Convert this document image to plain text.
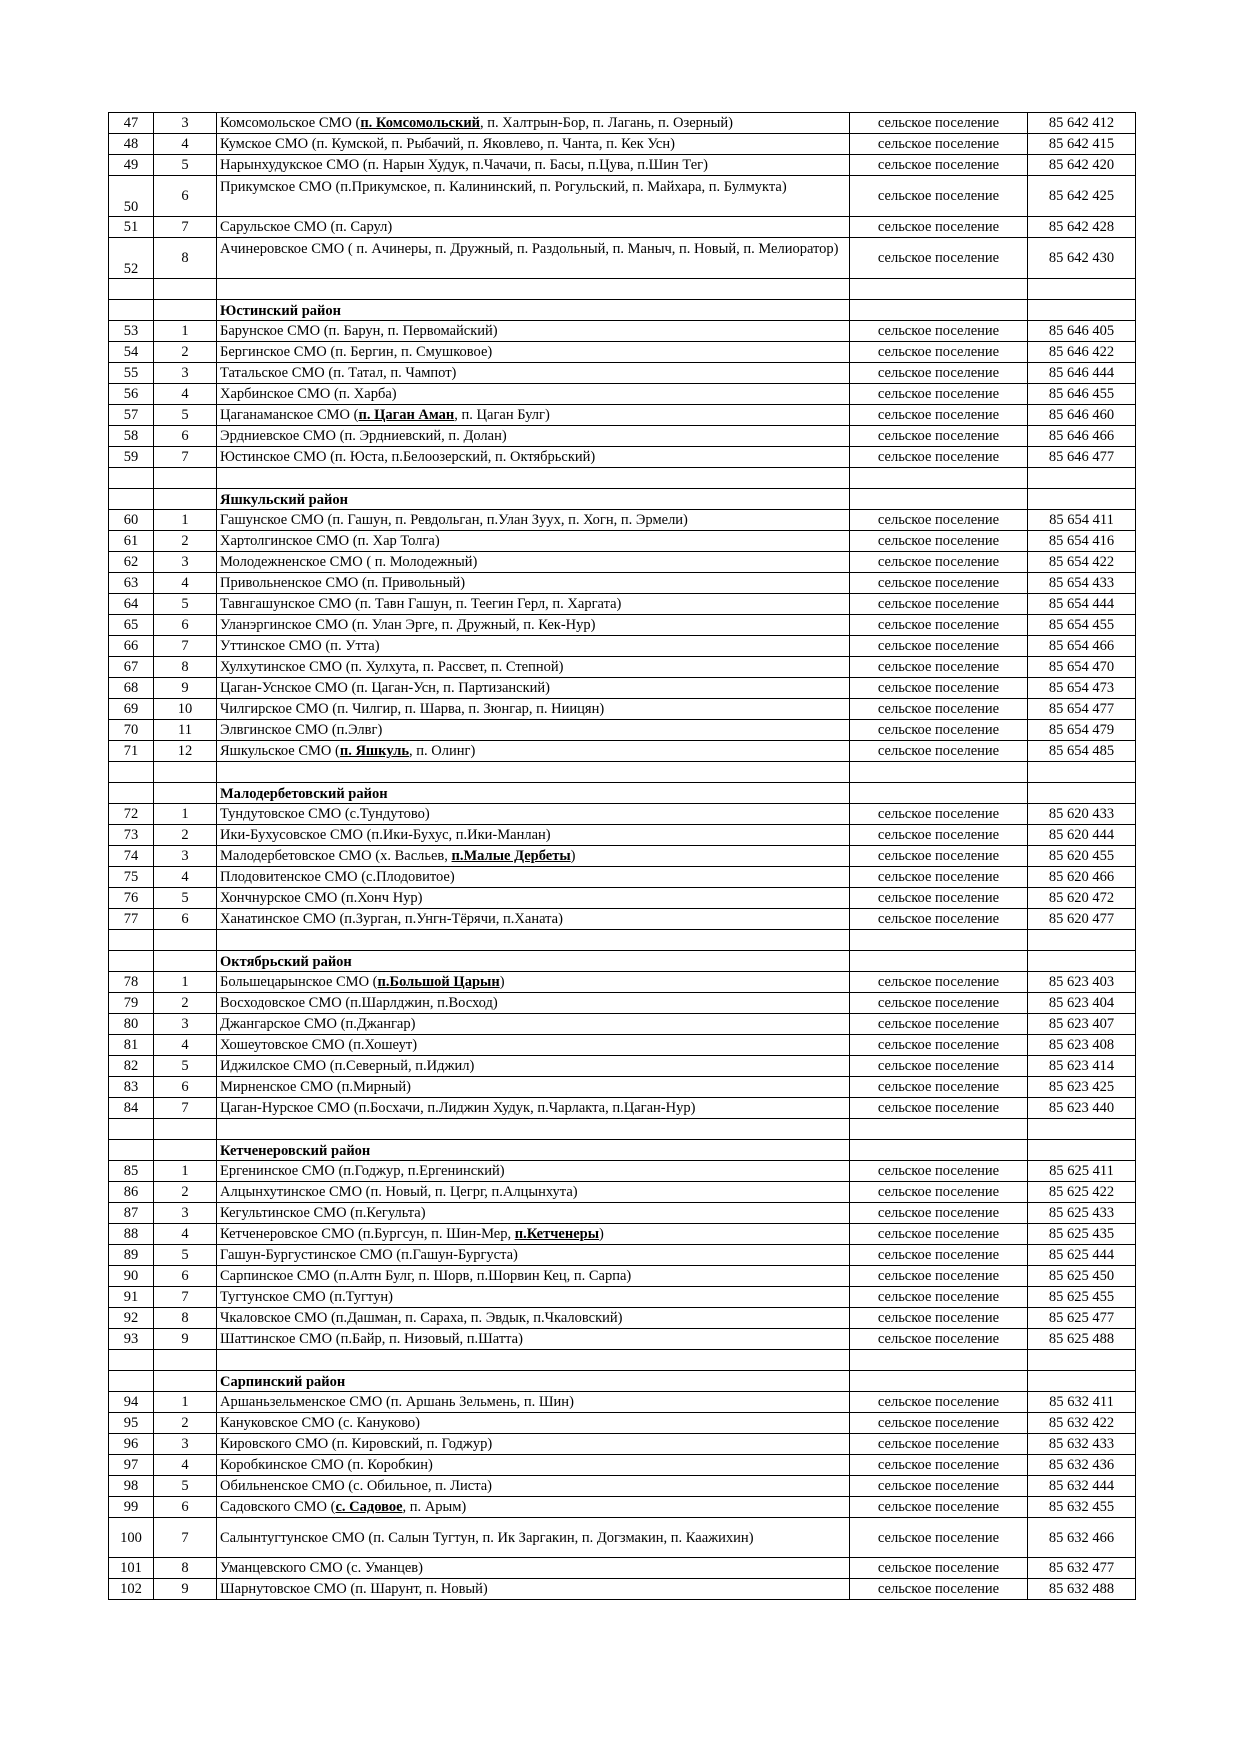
47	3	Комсомольское СМО (п. Комсомольский, п. Халтрын-Бор, п. Лагань, п. Озерный)	сельское поселение	85 642 412
48	4	Кумское СМО (п. Кумской, п. Рыбачий, п. Яковлево, п. Чанта, п. Кек Усн)	сельское поселение	85 642 415
49	5	Нарынхудукское СМО (п. Нарын Худук, п.Чачачи, п. Басы, п.Цува, п.Шин Тег)	сельское поселение	85 642 420
50	6	Прикумское СМО (п.Прикумское, п. Калининский, п. Рогульский, п. Майхара, п. Булмукта)	сельское поселение	85 642 425
51	7	Сарульское СМО (п. Сарул)	сельское поселение	85 642 428
52	8	Ачинеровское СМО ( п. Ачинеры, п. Дружный, п. Раздольный, п. Маныч, п. Новый, п. Мелиоратор)	сельское поселение	85 642 430

		Юстинский район		
53	1	Барунское СМО (п. Барун, п. Первомайский)	сельское поселение	85 646 405
54	2	Бергинское СМО (п. Бергин, п. Смушковое)	сельское поселение	85 646 422
55	3	Татальское СМО (п. Татал, п. Чампот)	сельское поселение	85 646 444
56	4	Харбинское СМО (п. Харба)	сельское поселение	85 646 455
57	5	Цаганаманское СМО (п. Цаган Аман, п. Цаган Булг)	сельское поселение	85 646 460
58	6	Эрдниевское СМО (п. Эрдниевский, п. Долан)	сельское поселение	85 646 466
59	7	Юстинское СМО (п. Юста, п.Белоозерский, п. Октябрьский)	сельское поселение	85 646 477

		Яшкульский район		
60	1	Гашунское СМО (п. Гашун, п. Ревдольган, п.Улан Зуух, п. Хогн, п. Эрмели)	сельское поселение	85 654 411
61	2	Хартолгинское СМО (п. Хар Толга)	сельское поселение	85 654 416
62	3	Молодежненское СМО ( п. Молодежный)	сельское поселение	85 654 422
63	4	Привольненское СМО (п. Привольный)	сельское поселение	85 654 433
64	5	Тавнгашунское СМО (п. Тавн Гашун, п. Теегин Герл, п. Харгата)	сельское поселение	85 654 444
65	6	Уланэргинское СМО (п. Улан Эрге, п. Дружный, п. Кек-Нур)	сельское поселение	85 654 455
66	7	Уттинское СМО (п. Утта)	сельское поселение	85 654 466
67	8	Хулхутинское СМО (п. Хулхута, п. Рассвет, п. Степной)	сельское поселение	85 654 470
68	9	Цаган-Уснское СМО (п. Цаган-Усн, п. Партизанский)	сельское поселение	85 654 473
69	10	Чилгирское СМО (п. Чилгир, п. Шарва, п. Зюнгар, п. Ниицян)	сельское поселение	85 654 477
70	11	Элвгинское СМО (п.Элвг)	сельское поселение	85 654 479
71	12	Яшкульское СМО (п. Яшкуль, п. Олинг)	сельское поселение	85 654 485

		Малодербетовский район		
72	1	Тундутовское СМО (с.Тундутово)	сельское поселение	85 620 433
73	2	Ики-Бухусовское СМО (п.Ики-Бухус, п.Ики-Манлан)	сельское поселение	85 620 444
74	3	Малодербетовское СМО (х. Васльев, п.Малые Дербеты)	сельское поселение	85 620 455
75	4	Плодовитенское СМО (с.Плодовитое)	сельское поселение	85 620 466
76	5	Хончнурское СМО (п.Хонч Нур)	сельское поселение	85 620 472
77	6	Ханатинское СМО (п.Зурган, п.Унгн-Тёрячи, п.Ханата)	сельское поселение	85 620 477

		Октябрьский район		
78	1	Большецарынское СМО (п.Большой Царын)	сельское поселение	85 623 403
79	2	Восходовское СМО (п.Шарлджин, п.Восход)	сельское поселение	85 623 404
80	3	Джангарское СМО (п.Джангар)	сельское поселение	85 623 407
81	4	Хошеутовское СМО (п.Хошеут)	сельское поселение	85 623 408
82	5	Иджилское СМО (п.Северный, п.Иджил)	сельское поселение	85 623 414
83	6	Мирненское СМО (п.Мирный)	сельское поселение	85 623 425
84	7	Цаган-Нурское СМО (п.Босхачи, п.Лиджин Худук, п.Чарлакта, п.Цаган-Нур)	сельское поселение	85 623 440

		Кетченеровский район		
85	1	Ергенинское СМО (п.Годжур, п.Ергенинский)	сельское поселение	85 625 411
86	2	Алцынхутинское СМО (п. Новый, п. Цегрг, п.Алцынхута)	сельское поселение	85 625 422
87	3	Кегультинское СМО (п.Кегульта)	сельское поселение	85 625 433
88	4	Кетченеровское СМО (п.Бургсун, п. Шин-Мер, п.Кетченеры)	сельское поселение	85 625 435
89	5	Гашун-Бургустинское СМО (п.Гашун-Бургуста)	сельское поселение	85 625 444
90	6	Сарпинское СМО (п.Алтн Булг, п. Шорв, п.Шорвин Кец, п. Сарпа)	сельское поселение	85 625 450
91	7	Тугтунское СМО (п.Тугтун)	сельское поселение	85 625 455
92	8	Чкаловское СМО (п.Дашман, п. Сараха, п. Эвдык, п.Чкаловский)	сельское поселение	85 625 477
93	9	Шаттинское СМО (п.Байр, п. Низовый, п.Шатта)	сельское поселение	85 625 488

		Сарпинский район		
94	1	Аршаньзельменское СМО (п. Аршань Зельмень, п. Шин)	сельское поселение	85 632 411
95	2	Кануковское СМО (с. Кануково)	сельское поселение	85 632 422
96	3	Кировского СМО (п. Кировский, п. Годжур)	сельское поселение	85 632 433
97	4	Коробкинское СМО (п. Коробкин)	сельское поселение	85 632 436
98	5	Обильненское СМО (с. Обильное, п. Листа)	сельское поселение	85 632 444
99	6	Садовского СМО (с. Садовое, п. Арым)	сельское поселение	85 632 455
100	7	Салынтугтунское СМО (п. Салын Тугтун, п. Ик Заргакин, п. Догзмакин, п. Каажихин)	сельское поселение	85 632 466
101	8	Уманцевского СМО (с. Уманцев)	сельское поселение	85 632 477
102	9	Шарнутовское СМО (п. Шарунт, п. Новый)	сельское поселение	85 632 488
